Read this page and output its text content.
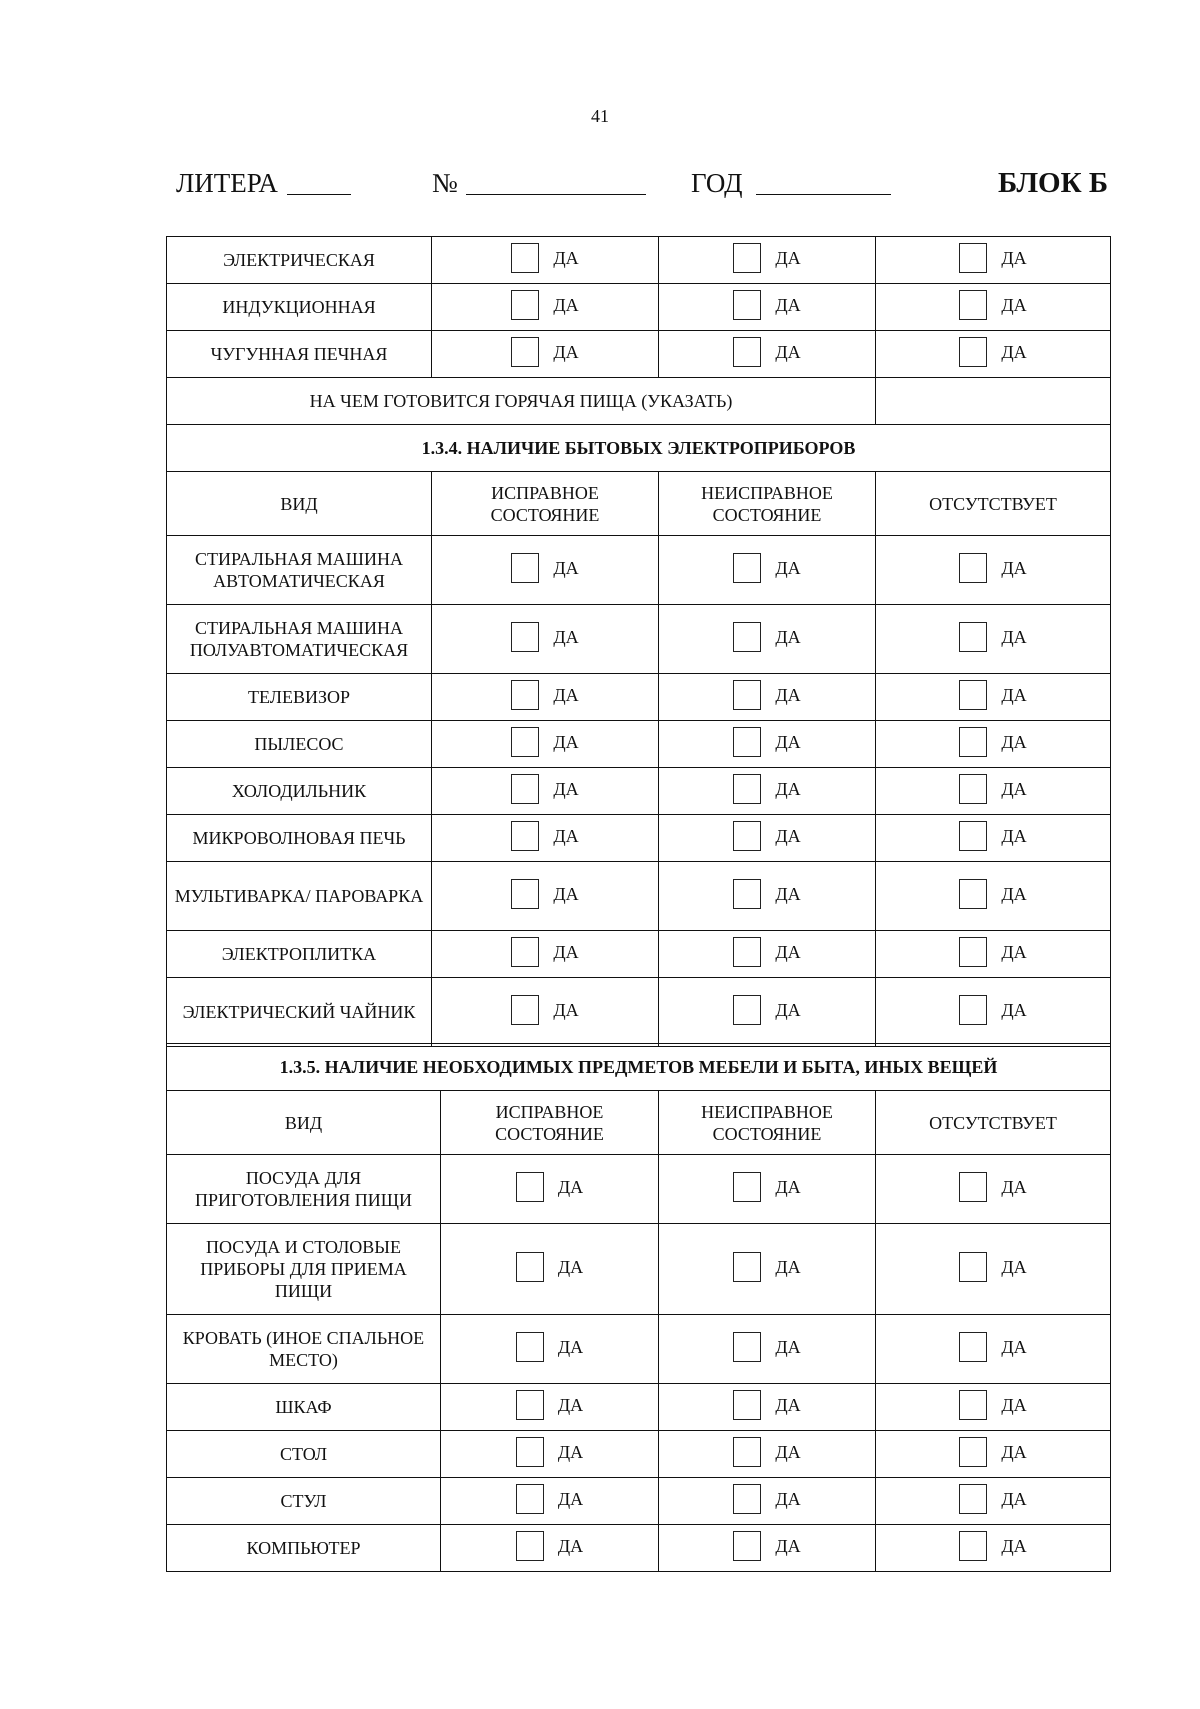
41
ЛИТЕРА	№	ГОД	БЛОК Б
ЭЛЕКТРИЧЕСКАЯ	ДА	ДА	ДА

ИНДУКЦИОННАЯ	ДА	ДА	ДА

ЧУГУННАЯ ПЕЧНАЯ	ДА	ДА	ДА

НА ЧЕМ ГОТОВИТСЯ ГОРЯЧАЯ ПИЩА (УКАЗАТЬ)			
1.3.4. НАЛИЧИЕ БЫТОВЫХ ЭЛЕКТРОПРИБОРОВ			
ВИД	ИСПРАВНОЕ СОСТОЯНИЕ	НЕИСПРАВНОЕ СОСТОЯНИЕ	ОТСУТСТВУЕТ
СТИРАЛЬНАЯ МАШИНА АВТОМАТИЧЕСКАЯ	ДА	ДА	ДА

СТИРАЛЬНАЯ МАШИНА ПОЛУАВТОМАТИЧЕСКАЯ	ДА	ДА	ДА

ТЕЛЕВИЗОР	ДА	ДА	ДА

ПЫЛЕСОС	ДА	ДА	ДА

ХОЛОДИЛЬНИК	ДА	ДА	ДА

МИКРОВОЛНОВАЯ ПЕЧЬ	ДА	ДА	ДА

МУЛЬТИВАРКА/ ПАРОВАРКА	ДА	ДА	ДА

ЭЛЕКТРОПЛИТКА	ДА	ДА	ДА

ЭЛЕКТРИЧЕСКИЙ ЧАЙНИК	ДА	ДА	ДА
1.3.5. НАЛИЧИЕ НЕОБХОДИМЫХ ПРЕДМЕТОВ МЕБЕЛИ И БЫТА, ИНЫХ ВЕЩЕЙ			
ВИД	ИСПРАВНОЕ СОСТОЯНИЕ	НЕИСПРАВНОЕ СОСТОЯНИЕ	ОТСУТСТВУЕТ
ПОСУДА ДЛЯ ПРИГОТОВЛЕНИЯ ПИЩИ	ДА	ДА	ДА

ПОСУДА И СТОЛОВЫЕ ПРИБОРЫ ДЛЯ ПРИЕМА ПИЩИ	ДА	ДА	ДА

КРОВАТЬ (ИНОЕ СПАЛЬНОЕ МЕСТО)	ДА	ДА	ДА

ШКАФ	ДА	ДА	ДА

СТОЛ	ДА	ДА	ДА

СТУЛ	ДА	ДА	ДА

КОМПЬЮТЕР	ДА	ДА	ДА
